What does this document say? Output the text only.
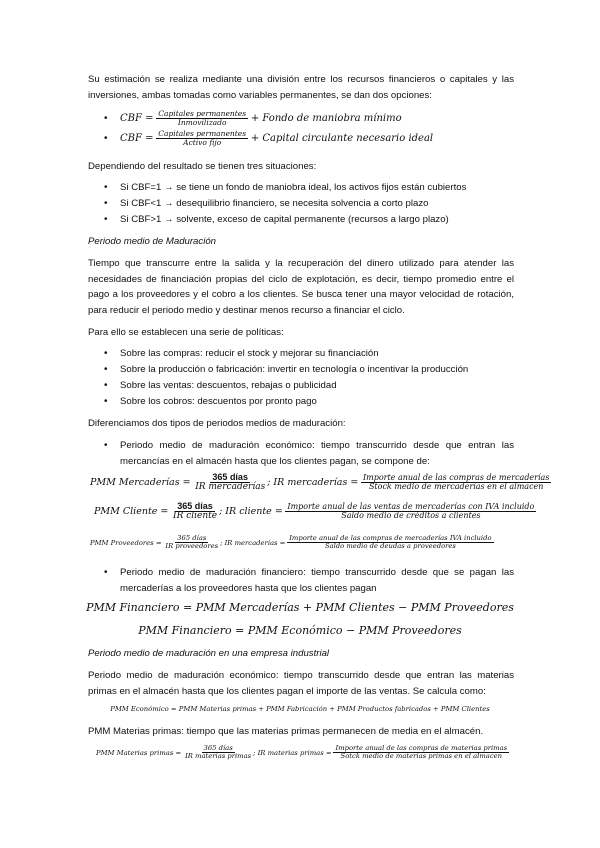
Su estimación se realiza mediante una división entre los recursos financieros o capitales y las inversiones, ambas tomadas como variables permanentes, se dan dos opciones:
•	CBF =
$\frac{\text{Capitales permanentes}}{\text{Inmovilizado}}$
+ Fondo de maniobra mínimo
•	CBF =
$\frac{\text{Capitales permanentes}}{\text{Activo fijo}}$
+ Capital circulante necesario ideal
Dependiendo del resultado se tienen tres situaciones:
• Si CBF=1 → se tiene un fondo de maniobra ideal, los activos fijos están cubiertos
• Si CBF<1 → desequilibrio financiero, se necesita solvencia a corto plazo
• Si CBF>1 → solvente, exceso de capital permanente (recursos a largo plazo)
Periodo medio de Maduración
Tiempo que transcurre entre la salida y la recuperación del dinero utilizado para atender las necesidades de financiación propias del ciclo de explotación, es decir, tiempo promedio entre el pago a los proveedores y el cobro a los clientes. Se busca tener una mayor velocidad de rotación, para reducir el periodo medio y destinar menos recurso a financiar el ciclo.
Para ello se establecen una serie de políticas:
• Sobre las compras: reducir el stock y mejorar su financiación
• Sobre la producción o fabricación: invertir en tecnología o incentivar la producción
• Sobre las ventas: descuentos, rebajas o publicidad
• Sobre los cobros: descuentos por pronto pago
Diferenciamos dos tipos de periodos medios de maduración:
• Periodo medio de maduración económico: tiempo transcurrido desde que entran las mercancías en el almacén hasta que los clientes pagan, se compone de:
PMM Mercaderías =
$\frac{\text{365 días}}{\text{IR mercaderías}}$ ; IR mercaderías =
$\frac{\text{Importe anual de las compras de mercaderías}}{\text{Stock medio de mercaderías en el almacen}}$
PMM Cliente =
$\frac{\text{365 días}}{\text{IR cliente}}$ ; IR cliente =
$\frac{\text{Importe anual de las ventas de mercaderías con IVA incluido}}{\text{Saldo medio de créditos a clientes}}$
PMM Proveedores =
$\frac{\text{365 días}}{\text{IR proveedores}}$ ; IR mercaderías =
$\frac{\text{Importe anual de las compras de mercaderías IVA incluido}}{\text{Saldo medio de deudas a proveedores}}$
• Periodo medio de maduración financiero: tiempo transcurrido desde que se pagan las mercaderías a los proveedores hasta que los clientes pagan
PMM Financiero = PMM Mercaderías + PMM Clientes − PMM Proveedores
PMM Financiero = PMM Económico − PMM Proveedores
Periodo medio de maduración en una empresa industrial
Periodo medio de maduración económico: tiempo transcurrido desde que entran las materias primas en el almacén hasta que los clientes pagan el importe de las ventas. Se calcula como:
PMM Económico = PMM Materias primas + PMM Fabricación + PMM Productos fabricados + PMM Clientes
PMM Materias primas: tiempo que las materias primas permanecen de media en el almacén.
PMM Materias primas =
$\frac{\text{365 días}}{\text{IR materias primas}}$ ; IR materias primas =
$\frac{\text{Importe anual de las compras de materias primas}}{\text{Sotck medio de materias primas en el almacen}}$
